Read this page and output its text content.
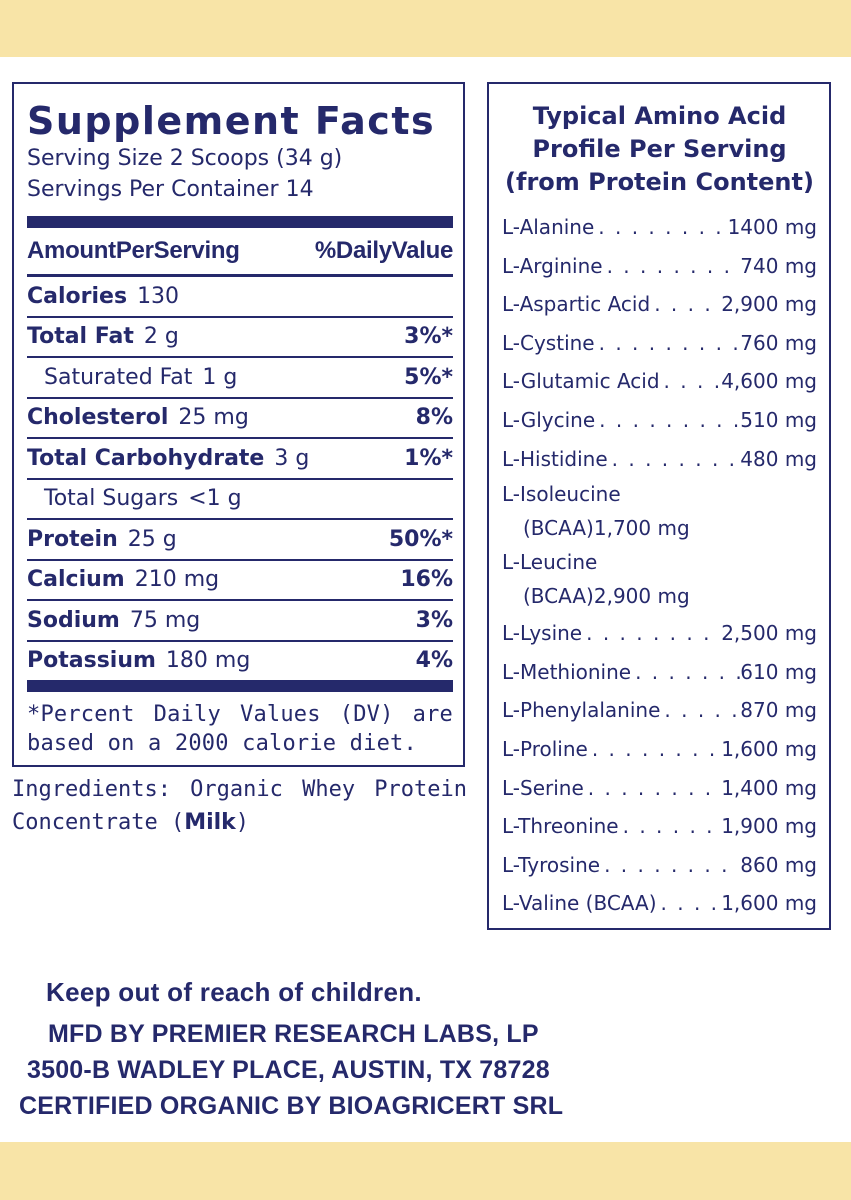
Supplement Facts
Serving Size 2 Scoops (34 g)
Servings Per Container 14
AmountPerServing	%DailyValue
Calories 130
Total Fat 2 g	3%*
Saturated Fat 1 g	5%*
Cholesterol 25 mg	8%
Total Carbohydrate 3 g	1%*
Total Sugars <1 g
Protein 25 g	50%*
Calcium 210 mg	16%
Sodium 75 mg	3%
Potassium 180 mg	4%
*Percent Daily Values (DV) are based on a 2000 calorie diet.
Ingredients: Organic Whey Protein Concentrate (Milk)
Typical Amino Acid Profile Per Serving (from Protein Content)
L-Alanine . . .	1400 mg
L-Arginine . . .	740 mg
L-Aspartic Acid . . .	2,900 mg
L-Cystine . . .	760 mg
L-Glutamic Acid . . .	4,600 mg
L-Glycine . . .	510 mg
L-Histidine . . .	480 mg
L-Isoleucine
(BCAA) 1,700 mg
L-Leucine
(BCAA) 2,900 mg
L-Lysine . . .	2,500 mg
L-Methionine . . .	610 mg
L-Phenylalanine . . .	870 mg
L-Proline . . .	1,600 mg
L-Serine . . .	1,400 mg
L-Threonine . . .	1,900 mg
L-Tyrosine . . .	860 mg
L-Valine (BCAA) . . .	1,600 mg
Keep out of reach of children.
MFD BY PREMIER RESEARCH LABS, LP
3500-B WADLEY PLACE, AUSTIN, TX 78728
CERTIFIED ORGANIC BY BIOAGRICERT SRL
